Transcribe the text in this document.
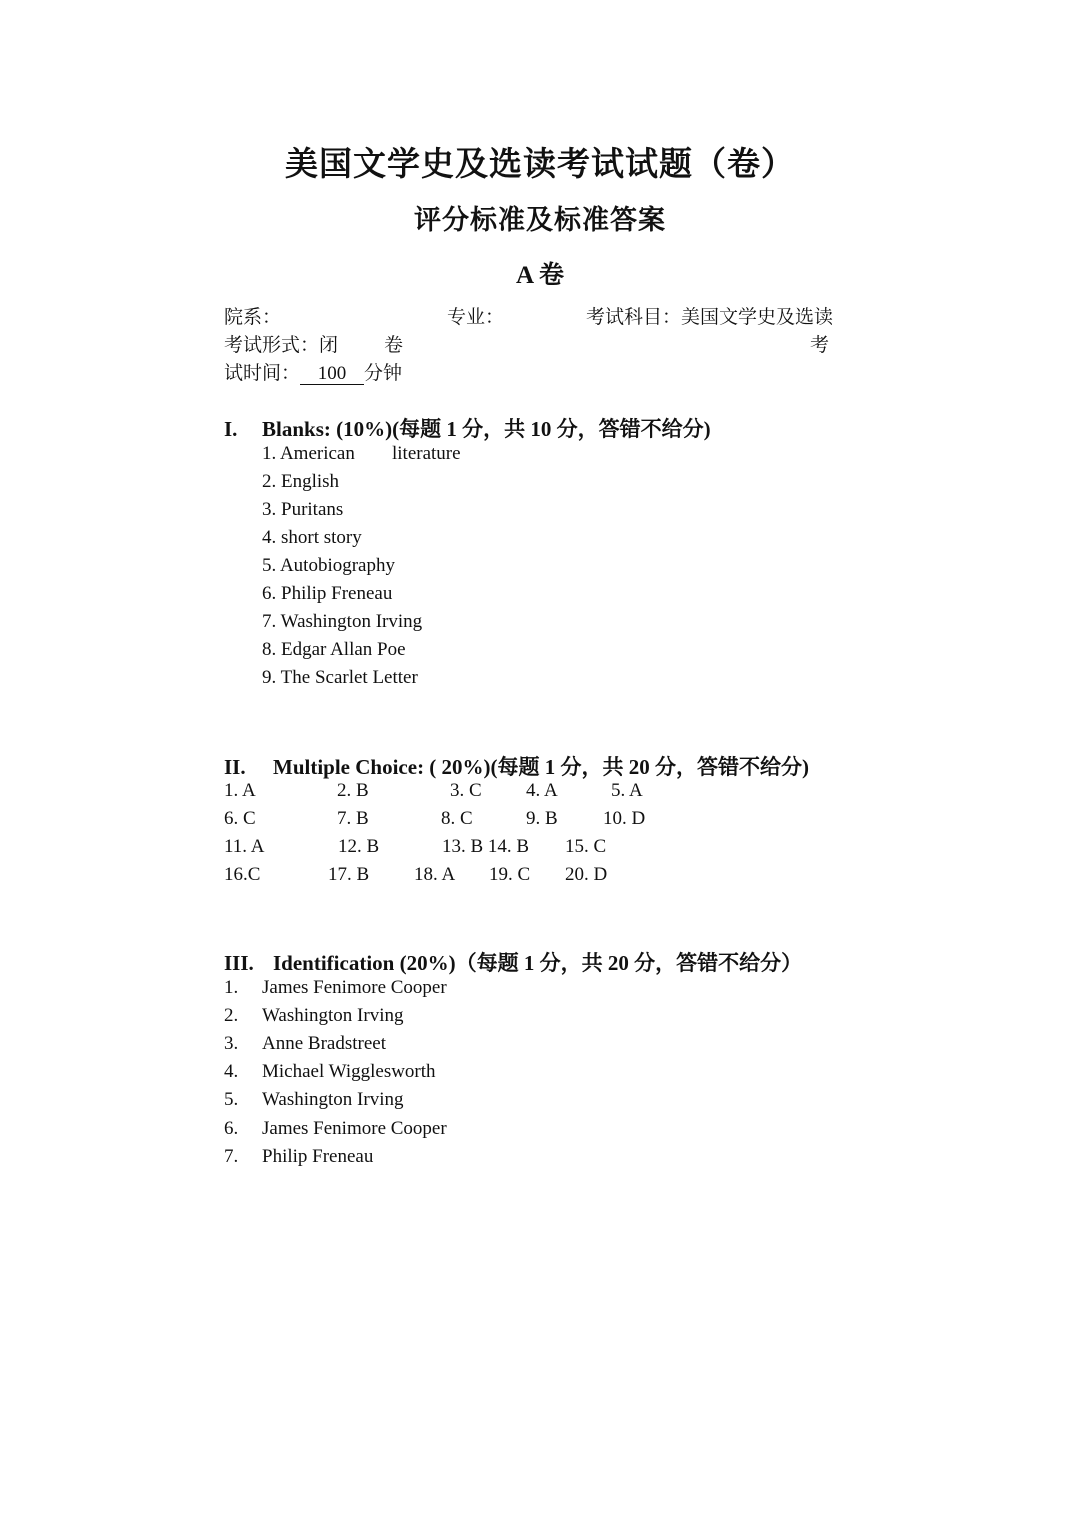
美国文学史及选读考试试题（卷）
评分标准及标准答案
A 卷
院系：	专业：	考试科目：美国文学史及选读
考试形式：闭 卷	考
试时间： 100 分钟
I. Blanks: (10%)(每题 1 分，共 10 分，答错不给分)
1. American literature
2. English
3. Puritans
4. short story
5. Autobiography
6. Philip Freneau
7. Washington Irving
8. Edgar Allan Poe
9. The Scarlet Letter
II. Multiple Choice: ( 20%)(每题 1 分，共 20 分，答错不给分)
1. A	2. B	3. C 4. A	5. A
6. C	7. B	8. C	9. B 10. D
11. A	12. B	13. B 14. B 15. C
16.C	17. B 18. A 19. C 20. D
III. Identification (20%)（每题 1 分，共 20 分，答错不给分）
1. James Fenimore Cooper
2. Washington Irving
3. Anne Bradstreet
4. Michael Wigglesworth
5. Washington Irving
6. James Fenimore Cooper
7. Philip Freneau
